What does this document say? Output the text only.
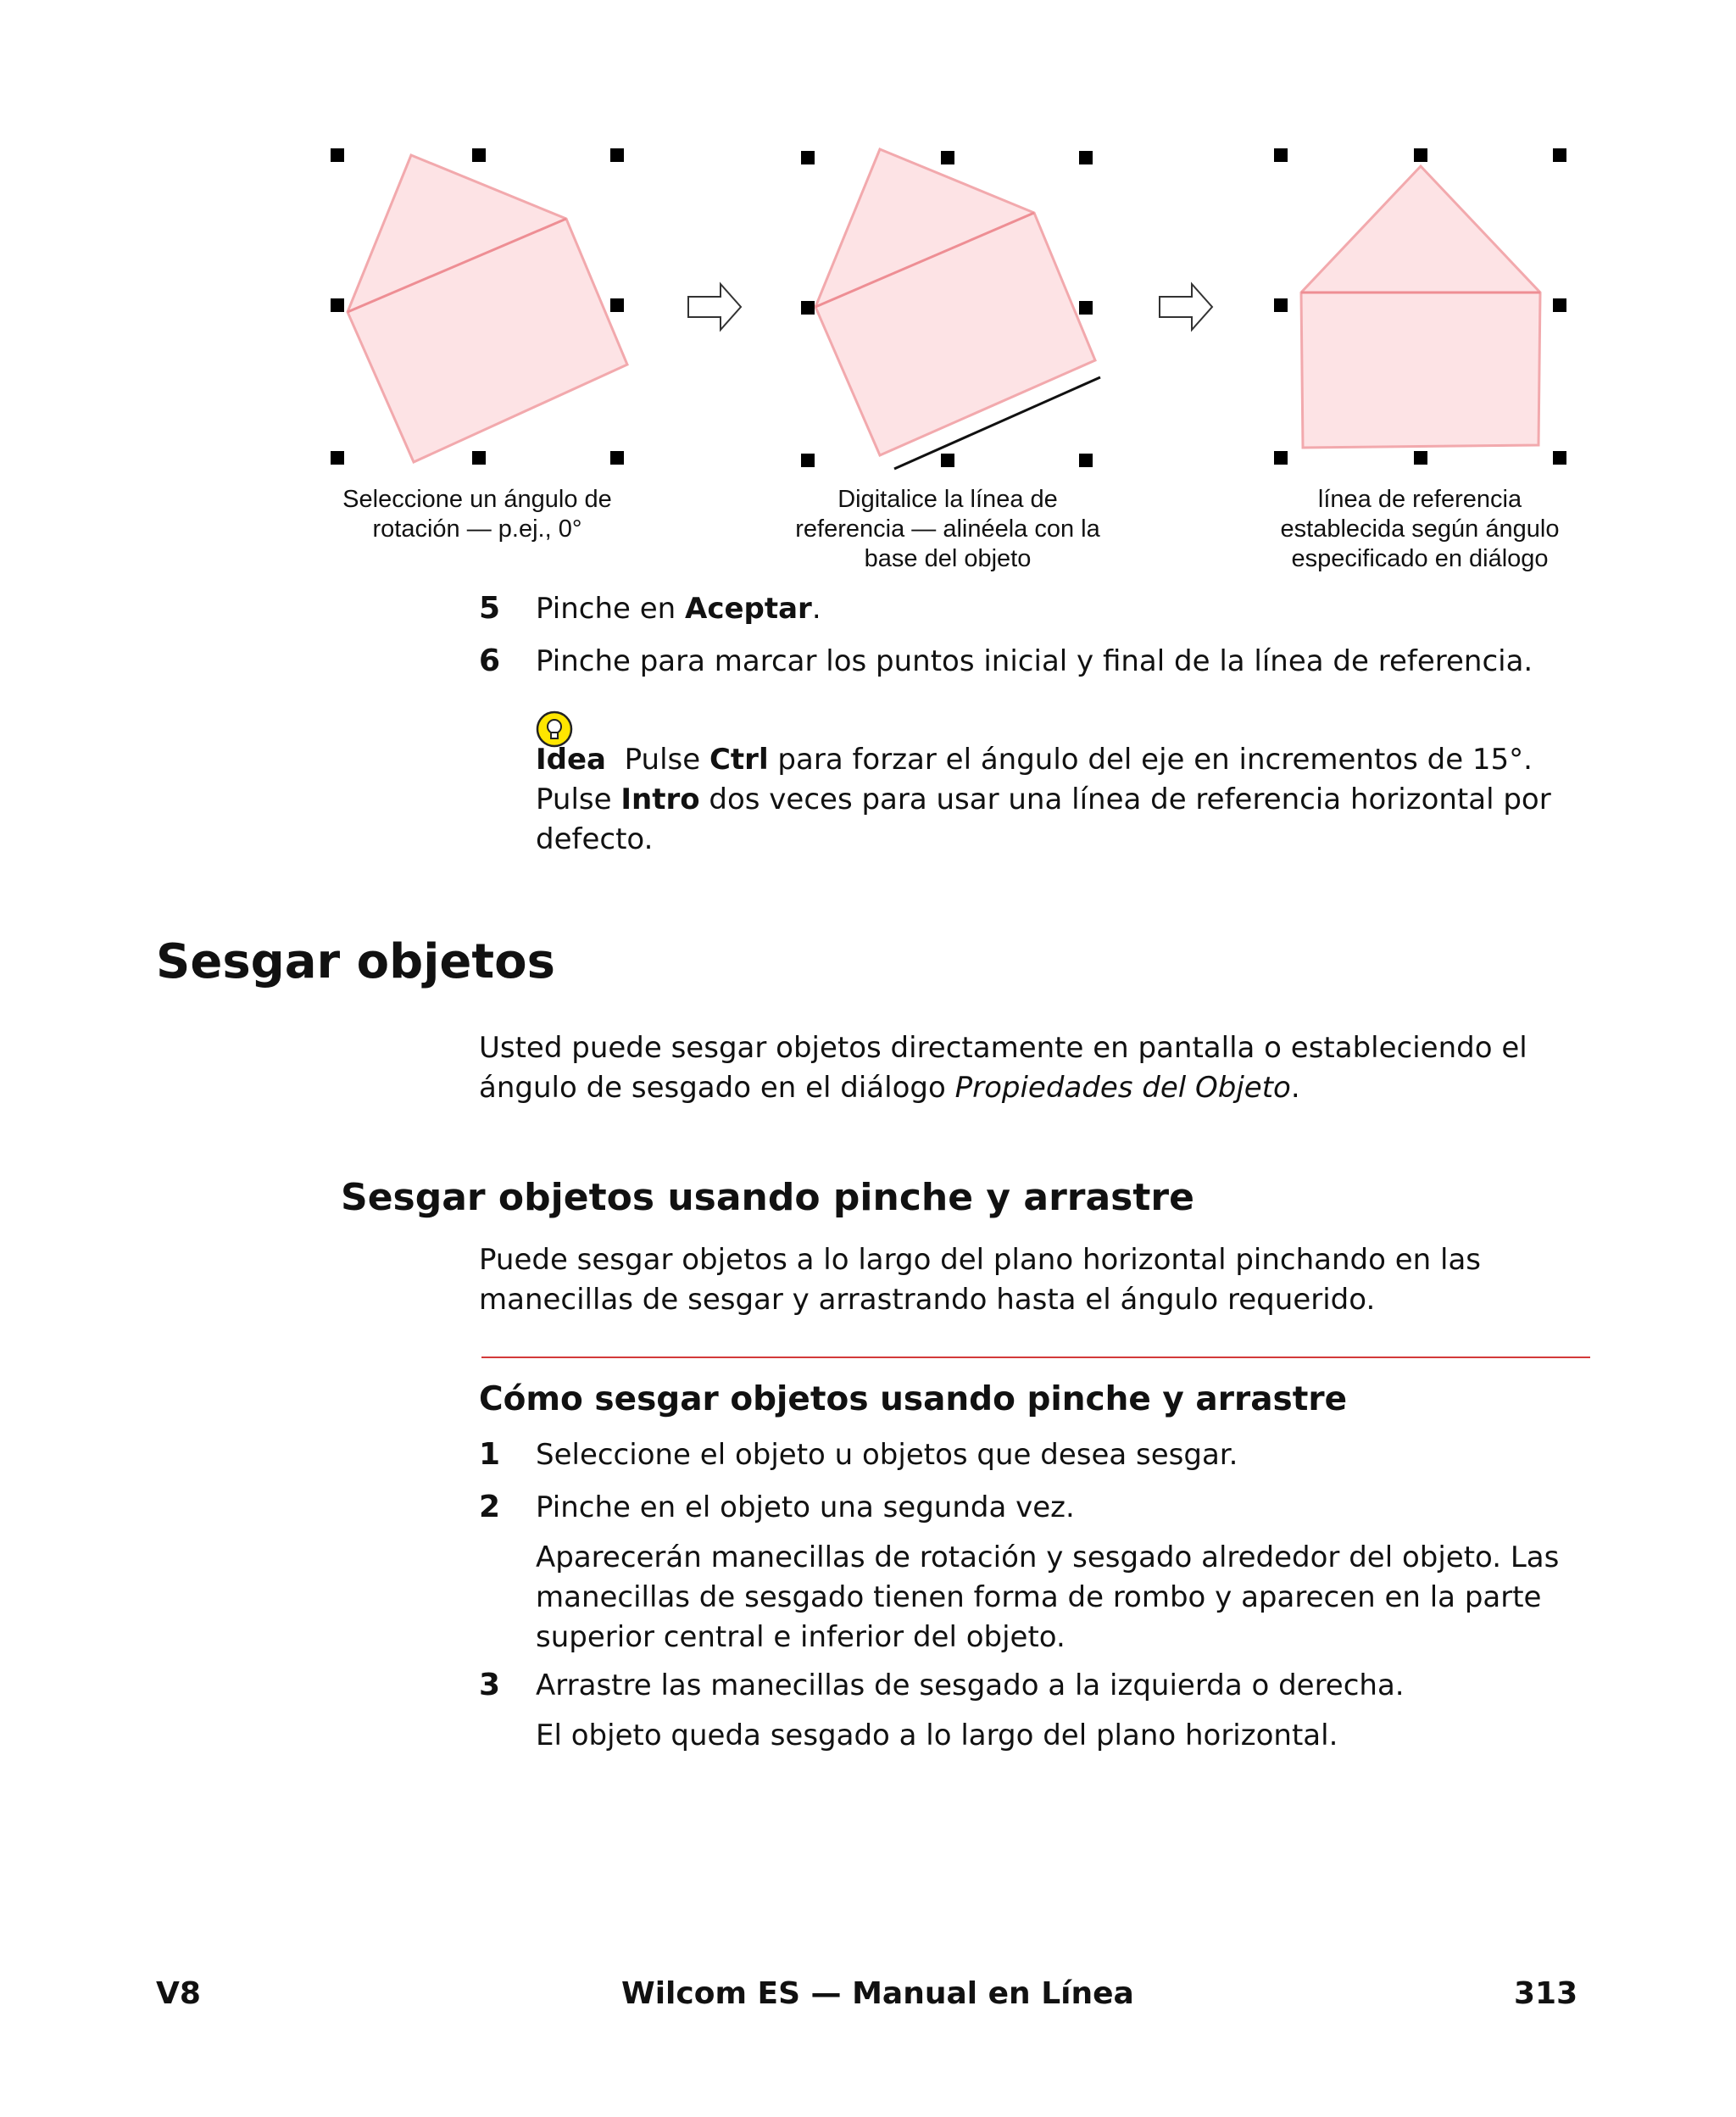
Seleccione un ángulo de
rotación — p.ej., 0°
Digitalice la línea de
referencia — alinéela con la
base del objeto
línea de referencia
establecida según ángulo
especificado en diálogo
5 Pinche en Aceptar.
6 Pinche para marcar los puntos inicial y final de la línea de referencia.
Idea Pulse Ctrl para forzar el ángulo del eje en incrementos de 15°. Pulse Intro dos veces para usar una línea de referencia horizontal por defecto.
Sesgar objetos
Usted puede sesgar objetos directamente en pantalla o estableciendo el ángulo de sesgado en el diálogo Propiedades del Objeto.
Sesgar objetos usando pinche y arrastre
Puede sesgar objetos a lo largo del plano horizontal pinchando en las manecillas de sesgar y arrastrando hasta el ángulo requerido.
Cómo sesgar objetos usando pinche y arrastre
1 Seleccione el objeto u objetos que desea sesgar.
2 Pinche en el objeto una segunda vez.
Aparecerán manecillas de rotación y sesgado alrededor del objeto. Las manecillas de sesgado tienen forma de rombo y aparecen en la parte superior central e inferior del objeto.
3 Arrastre las manecillas de sesgado a la izquierda o derecha.
El objeto queda sesgado a lo largo del plano horizontal.
V8	Wilcom ES — Manual en Línea	313
